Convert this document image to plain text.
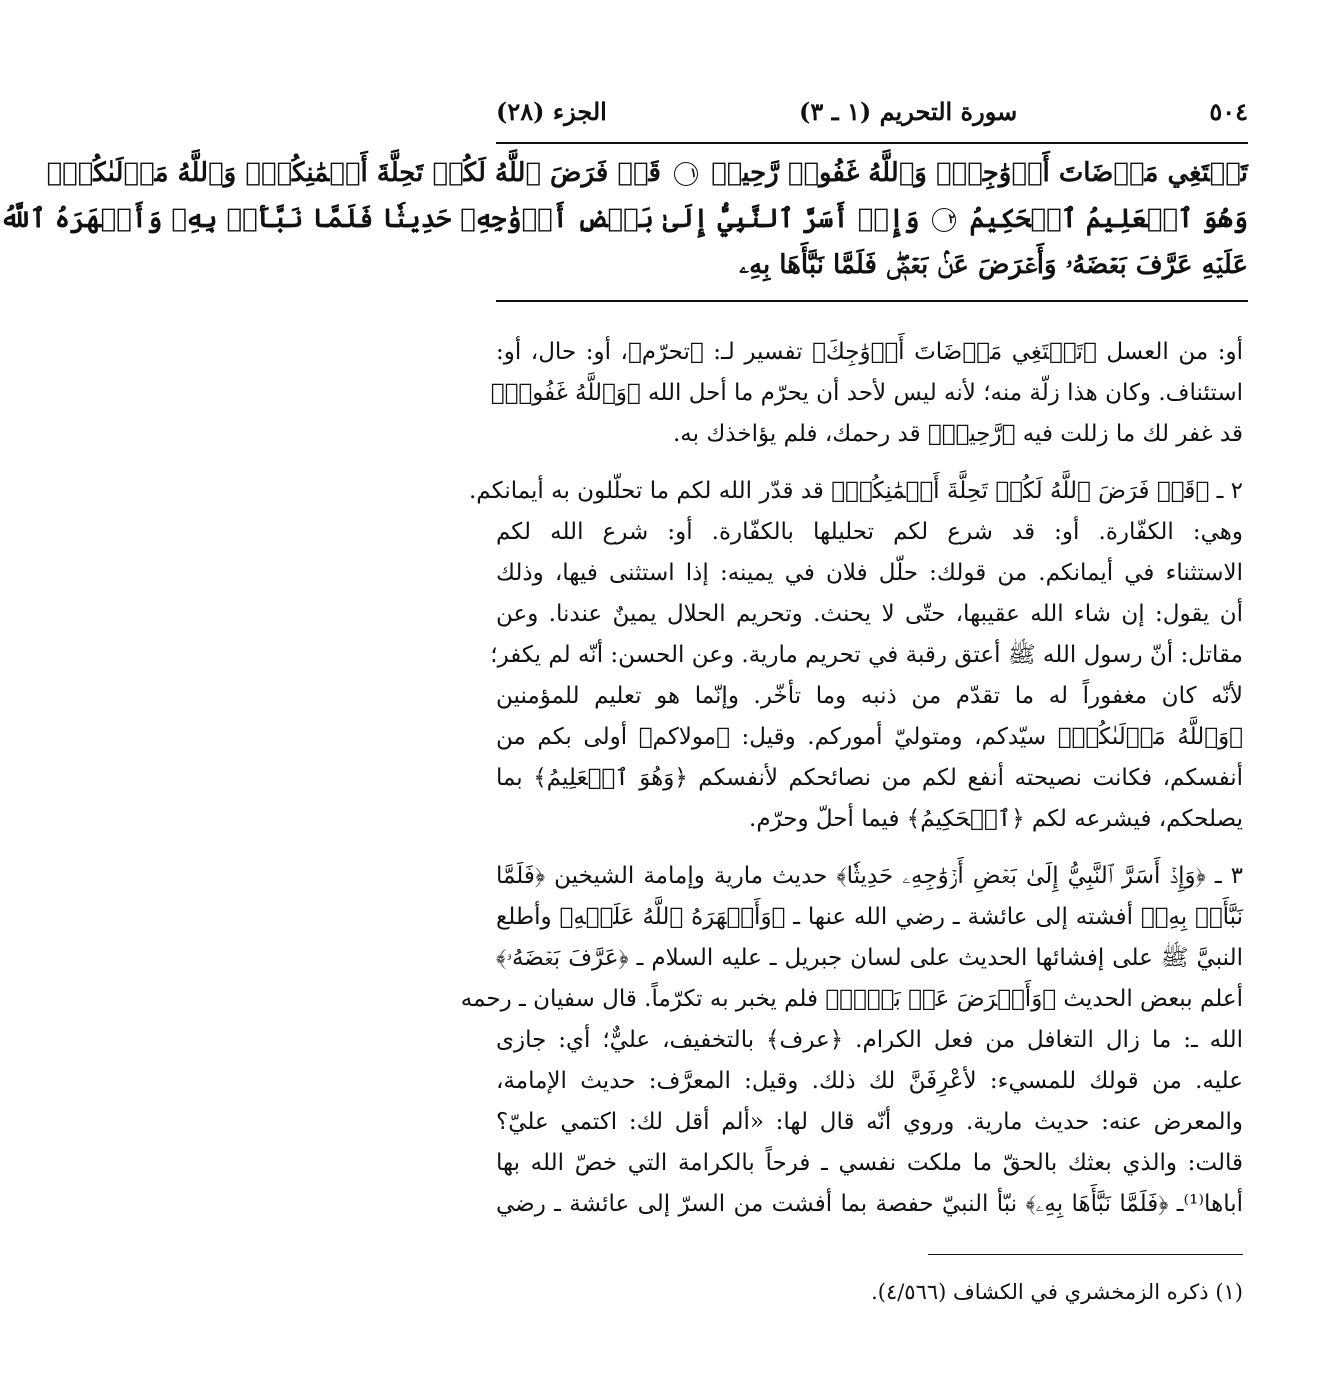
٥٠٤
سورة التحريم (١ ـ ٣)
الجزء (٢٨)
تَبۡتَغِي مَرۡضَاتَ أَزۡوَٰجِكَۚ وَٱللَّهُ غَفُورٞ رَّحِيمٞ ١ قَدۡ فَرَضَ ٱللَّهُ لَكُمۡ تَحِلَّةَ أَيۡمَٰنِكُمۡۚ وَٱللَّهُ مَوۡلَىٰكُمۡۖ
وَهُوَ ٱلۡعَلِيمُ ٱلۡحَكِيمُ ٢ وَإِذۡ أَسَرَّ ٱلنَّبِيُّ إِلَىٰ بَعۡضِ أَزۡوَٰجِهِۦ حَدِيثٗا فَلَمَّا نَبَّأَتۡ بِهِۦ وَأَظۡهَرَهُ ٱللَّهُ
عَلَيۡهِ عَرَّفَ بَعۡضَهُۥ وَأَعۡرَضَ عَنۢ بَعۡضٖۖ فَلَمَّا نَبَّأَهَا بِهِۦ
أو: من العسل ﴿تَبۡتَغِي مَرۡضَاتَ أَزۡوَٰجِكَ﴾ تفسير لـ: ﴿تحرّم﴾، أو: حال، أو:
استئناف. وكان هذا زلّة منه؛ لأنه ليس لأحد أن يحرّم ما أحل الله ﴿وَٱللَّهُ غَفُورٞ﴾
قد غفر لك ما زللت فيه ﴿رَّحِيمٞ﴾ قد رحمك، فلم يؤاخذك به.
٢ ـ ﴿قَدۡ فَرَضَ ٱللَّهُ لَكُمۡ تَحِلَّةَ أَيۡمَٰنِكُمۡ﴾ قد قدّر الله لكم ما تحلّلون به أيمانكم.
وهي: الكفّارة. أو: قد شرع لكم تحليلها بالكفّارة. أو: شرع الله لكم
الاستثناء في أيمانكم. من قولك: حلّل فلان في يمينه: إذا استثنى فيها، وذلك
أن يقول: إن شاء الله عقيبها، حتّى لا يحنث. وتحريم الحلال يمينٌ عندنا. وعن
مقاتل: أنّ رسول الله ﷺ أعتق رقبة في تحريم مارية. وعن الحسن: أنّه لم يكفر؛
لأنّه كان مغفوراً له ما تقدّم من ذنبه وما تأخّر. وإنّما هو تعليم للمؤمنين
﴿وَٱللَّهُ مَوۡلَىٰكُمۡ﴾ سيّدكم، ومتوليّ أموركم. وقيل: ﴿مولاكم﴾ أولى بكم من
أنفسكم، فكانت نصيحته أنفع لكم من نصائحكم لأنفسكم ﴿وَهُوَ ٱلۡعَلِيمُ﴾ بما
يصلحكم، فيشرعه لكم ﴿ٱلۡحَكِيمُ﴾ فيما أحلّ وحرّم.
٣ ـ ﴿وَإِذۡ أَسَرَّ ٱلنَّبِيُّ إِلَىٰ بَعۡضِ أَزۡوَٰجِهِۦ حَدِيثٗا﴾ حديث مارية وإمامة الشيخين ﴿فَلَمَّا
نَبَّأَتۡ بِهِۦ﴾ أفشته إلى عائشة ـ رضي الله عنها ـ ﴿وَأَظۡهَرَهُ ٱللَّهُ عَلَيۡهِ﴾ وأطلع
النبيَّ ﷺ على إفشائها الحديث على لسان جبريل ـ عليه السلام ـ ﴿عَرَّفَ بَعۡضَهُۥ﴾
أعلم ببعض الحديث ﴿وَأَعۡرَضَ عَنۢ بَعۡضٖ﴾ فلم يخبر به تكرّماً. قال سفيان ـ رحمه
الله ـ: ما زال التغافل من فعل الكرام. ﴿عرف﴾ بالتخفيف، عليٌّ؛ أي: جازى
عليه. من قولك للمسيء: لأعْرِفَنَّ لك ذلك. وقيل: المعرَّف: حديث الإمامة،
والمعرض عنه: حديث مارية. وروي أنّه قال لها: «ألم أقل لك: اكتمي عليّ؟
قالت: والذي بعثك بالحقّ ما ملكت نفسي ـ فرحاً بالكرامة التي خصّ الله بها
أباها⁽¹⁾ـ ﴿فَلَمَّا نَبَّأَهَا بِهِۦ﴾ نبّأ النبيّ حفصة بما أفشت من السرّ إلى عائشة ـ رضي
(١) ذكره الزمخشري في الكشاف (٤/٥٦٦).
